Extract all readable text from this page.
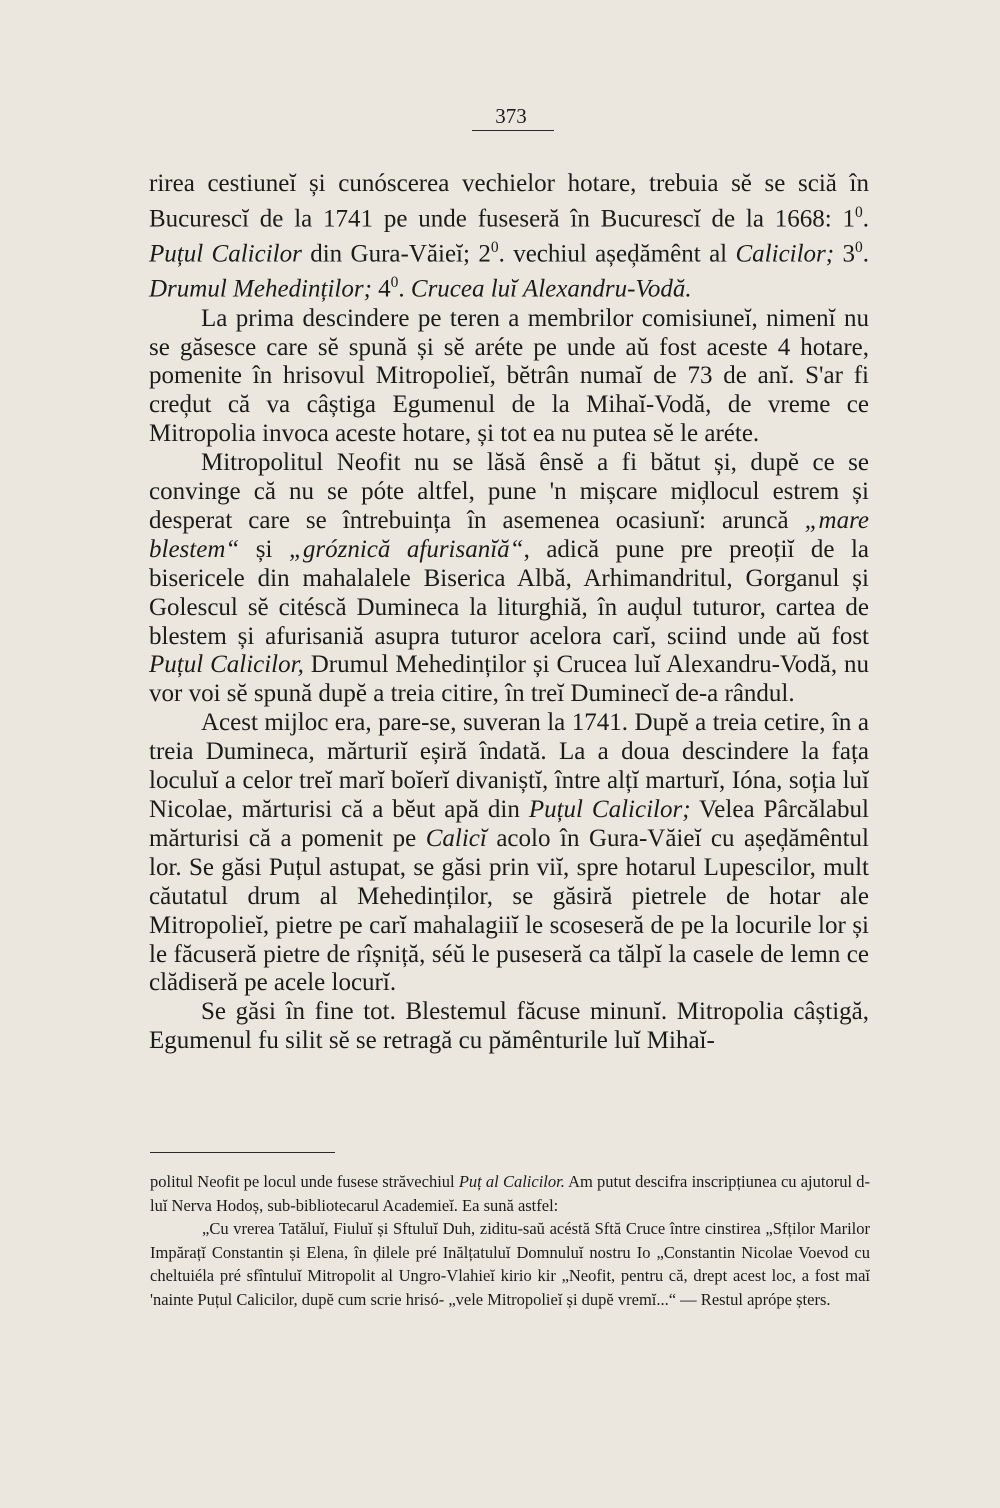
373

rirea cestiuneĭ și cunóscerea vechielor hotare, trebuia sĕ se sciă în Bucurescĭ de la 1741 pe unde fuseseră în Bucurescĭ de la 1668: $1^0$. Puțul Calicilor din Gura-Văieĭ; $2^0$. vechiul așeḑămênt al Calicilor; $3^0$. Drumul Mehedinților; $4^0$. Crucea luĭ Alexandru-Vodă.

La prima descindere pe teren a membrilor comisiuneĭ, nimenĭ nu se găsesce care sĕ spună și sĕ aréte pe unde aŭ fost aceste 4 hotare, pomenite în hrisovul Mitropolieĭ, bĕtrân numaĭ de 73 de anĭ. S'ar fi creḑut că va câștiga Egumenul de la Mihaĭ-Vodă, de vreme ce Mitropolia invoca aceste hotare, și tot ea nu putea sĕ le aréte.

Mitropolitul Neofit nu se lăsă ênsĕ a fi bătut și, dupĕ ce se convinge că nu se póte altfel, pune 'n mișcare miḑlocul estrem și desperat care se întrebuința în asemenea ocasiunĭ: aruncă „mare blestem“ și „gróznică afurisanĭă“, adică pune pre preoțiĭ de la bisericele din mahalalele Biserica Albă, Arhimandritul, Gorganul și Golescul sĕ citéscă Dumineca la liturghiă, în auḑul tuturor, cartea de blestem și afurisaniă asupra tuturor acelora carĭ, sciind unde aŭ fost Puțul Calicilor, Drumul Mehedinților și Crucea luĭ Alexandru-Vodă, nu vor voi sĕ spună dupĕ a treia citire, în treĭ Duminecĭ de-a rândul.

Acest mijloc era, pare-se, suveran la 1741. Dupĕ a treia cetire, în a treia Dumineca, mărturiĭ eșiră îndată. La a doua descindere la fața loculuĭ a celor treĭ marĭ boĭerĭ divaniștĭ, între alțĭ marturĭ, Ióna, soția luĭ Nicolae, mărturisi că a bĕut apă din Puțul Calicilor; Velea Pârcălabul mărturisi că a pomenit pe Calicĭ acolo în Gura-Văieĭ cu așeḑămêntul lor. Se găsi Puțul astupat, se găsi prin viĭ, spre hotarul Lupescilor, mult căutatul drum al Mehedinților, se găsiră pietrele de hotar ale Mitropolieĭ, pietre pe carĭ mahalagiiĭ le scoseseră de pe la locurile lor și le făcuseră pietre de rîșniță, séŭ le puseseră ca tălpĭ la casele de lemn ce clădiseră pe acele locurĭ.

Se găsi în fine tot. Blestemul făcuse minunĭ. Mitropolia câștigă, Egumenul fu silit sĕ se retragă cu pămênturile luĭ Mihaĭ-

politul Neofit pe locul unde fusese străvechiul Puț al Calicilor. Am putut descifra inscripțiunea cu ajutorul d-luĭ Nerva Hodoș, sub-bibliotecarul Academieĭ. Ea sună astfel:

„Cu vrerea Tatăluĭ, Fiuluĭ și Sftuluĭ Duh, ziditu-saŭ acéstă Sftă Cruce între cinstirea „Sfților Marilor Impărațĭ Constantin și Elena, în ḑilele pré Inălțatuluĭ Domnuluĭ nostru Io „Constantin Nicolae Voevod cu cheltuiéla pré sfîntuluĭ Mitropolit al Ungro-Vlahieĭ kirio kir „Neofit, pentru că, drept acest loc, a fost maĭ 'nainte Puțul Calicilor, dupĕ cum scrie hrisó- „vele Mitropolieĭ și dupĕ vremĭ...“ — Restul aprópe șters.
